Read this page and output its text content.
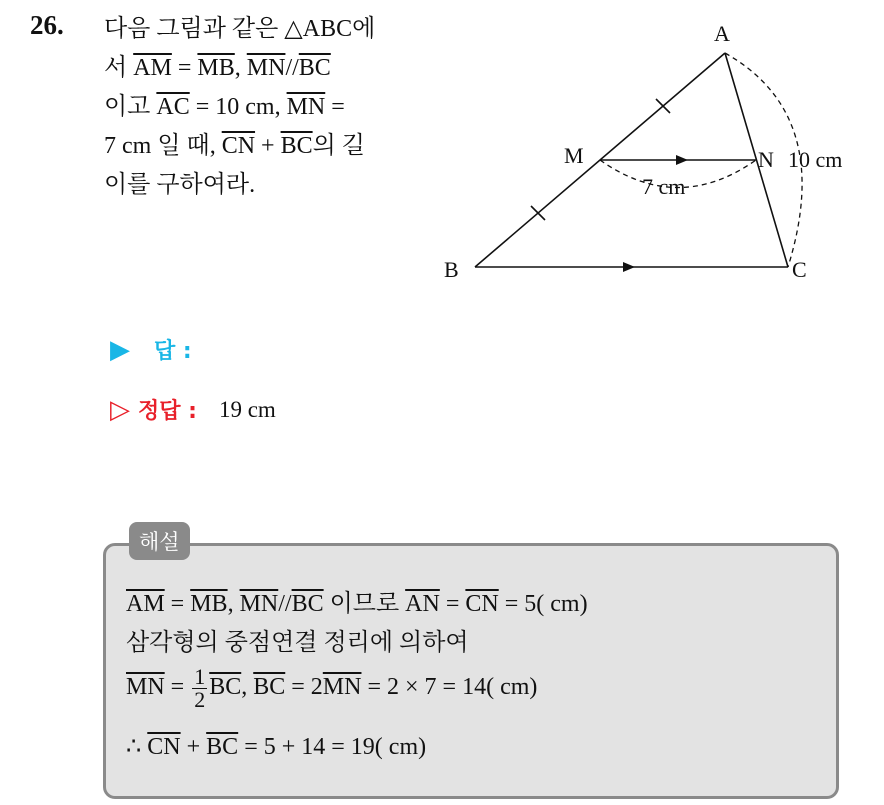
26. 다음 그림과 같은 △ABC에
서 $\overline{AM} = \overline{MB}$, $\overline{MN}//\overline{BC}$
이고 $\overline{AC} = 10$ cm, $\overline{MN}$ =
7 cm 일 때, $\overline{CN} + \overline{BC}$의 길
이를 구하여라.
A
B	C
M	N
7 cm
10 cm
▶ 답 :
▷ 정답 : 19 cm
해설
$\overline{AM} = \overline{MB}$, $\overline{MN}//\overline{BC}$ 이므로 $\overline{AN} = \overline{CN} = 5$( cm)
삼각형의 중점연결 정리에 의하여
$\overline{MN} = \frac{1}{2} \overline{BC}$, $\overline{BC} = 2\overline{MN} = 2 \times 7 = 14$( cm)
∴ $\overline{CN} + \overline{BC} = 5 + 14 = 19$( cm)
